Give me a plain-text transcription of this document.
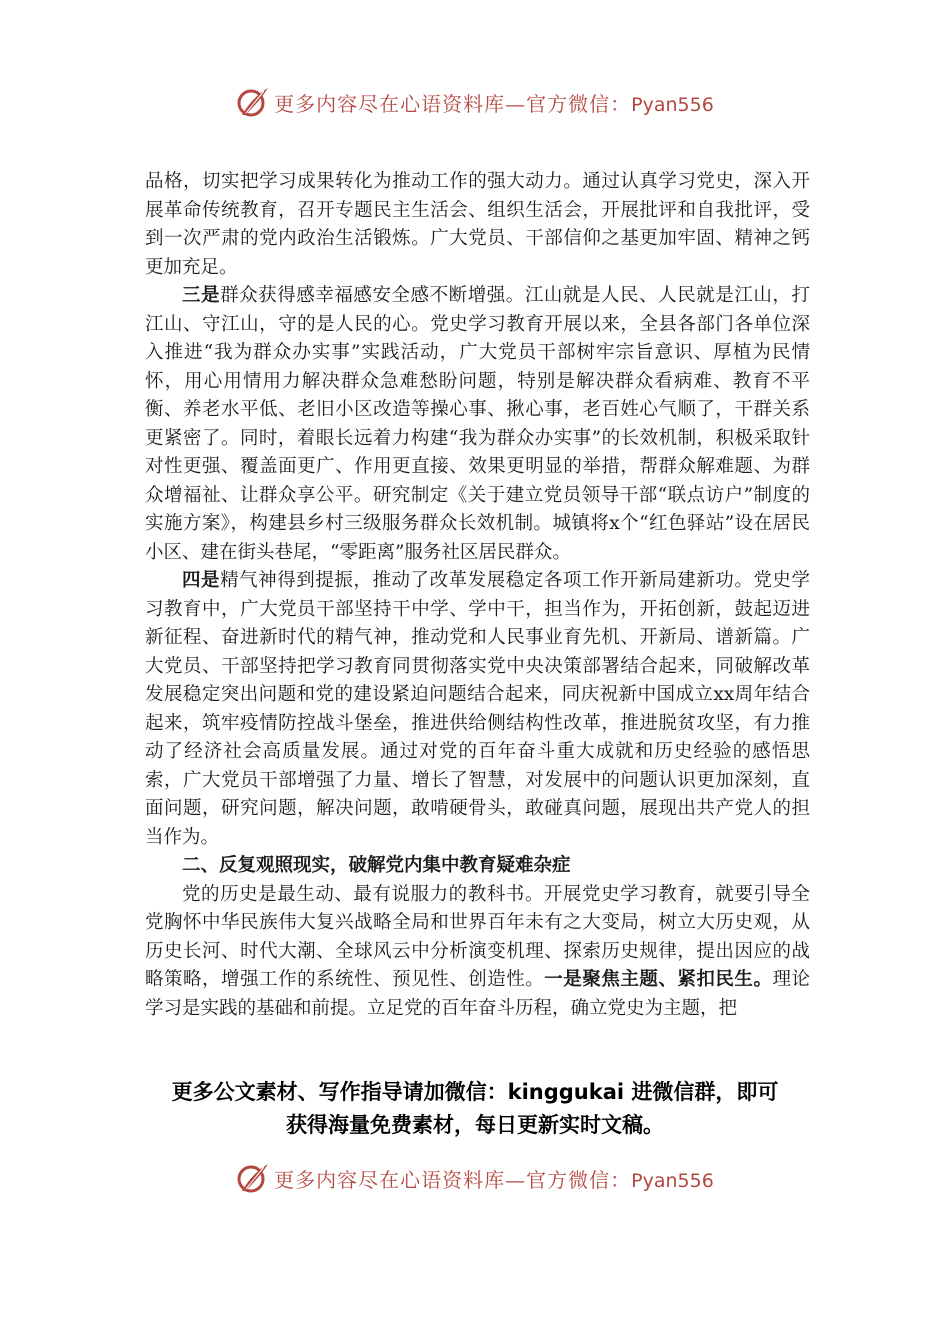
更多内容尽在心语资料库—官方微信：Pyan556

品格，切实把学习成果转化为推动工作的强大动力。通过认真学习党史，深入开展革命传统教育，召开专题民主生活会、组织生活会，开展批评和自我批评，受到一次严肃的党内政治生活锻炼。广大党员、干部信仰之基更加牢固、精神之钙更加充足。

三是群众获得感幸福感安全感不断增强。江山就是人民、人民就是江山，打江山、守江山，守的是人民的心。党史学习教育开展以来，全县各部门各单位深入推进“我为群众办实事”实践活动，广大党员干部树牢宗旨意识、厚植为民情怀，用心用情用力解决群众急难愁盼问题，特别是解决群众看病难、教育不平衡、养老水平低、老旧小区改造等操心事、揪心事，老百姓心气顺了，干群关系更紧密了。同时，着眼长远着力构建“我为群众办实事”的长效机制，积极采取针对性更强、覆盖面更广、作用更直接、效果更明显的举措，帮群众解难题、为群众增福祉、让群众享公平。研究制定《关于建立党员领导干部“联点访户”制度的实施方案》，构建县乡村三级服务群众长效机制。城镇将x个“红色驿站”设在居民小区、建在街头巷尾，“零距离”服务社区居民群众。

四是精气神得到提振，推动了改革发展稳定各项工作开新局建新功。党史学习教育中，广大党员干部坚持干中学、学中干，担当作为，开拓创新，鼓起迈进新征程、奋进新时代的精气神，推动党和人民事业育先机、开新局、谱新篇。广大党员、干部坚持把学习教育同贯彻落实党中央决策部署结合起来，同破解改革发展稳定突出问题和党的建设紧迫问题结合起来，同庆祝新中国成立xx周年结合起来，筑牢疫情防控战斗堡垒，推进供给侧结构性改革，推进脱贫攻坚，有力推动了经济社会高质量发展。通过对党的百年奋斗重大成就和历史经验的感悟思索，广大党员干部增强了力量、增长了智慧，对发展中的问题认识更加深刻，直面问题，研究问题，解决问题，敢啃硬骨头，敢碰真问题，展现出共产党人的担当作为。

二、反复观照现实，破解党内集中教育疑难杂症

党的历史是最生动、最有说服力的教科书。开展党史学习教育，就要引导全党胸怀中华民族伟大复兴战略全局和世界百年未有之大变局，树立大历史观，从历史长河、时代大潮、全球风云中分析演变机理、探索历史规律，提出因应的战略策略，增强工作的系统性、预见性、创造性。一是聚焦主题、紧扣民生。理论学习是实践的基础和前提。立足党的百年奋斗历程，确立党史为主题，把

更多公文素材、写作指导请加微信：kinggukai 进微信群，即可
获得海量免费素材，每日更新实时文稿。
更多内容尽在心语资料库—官方微信：Pyan556
